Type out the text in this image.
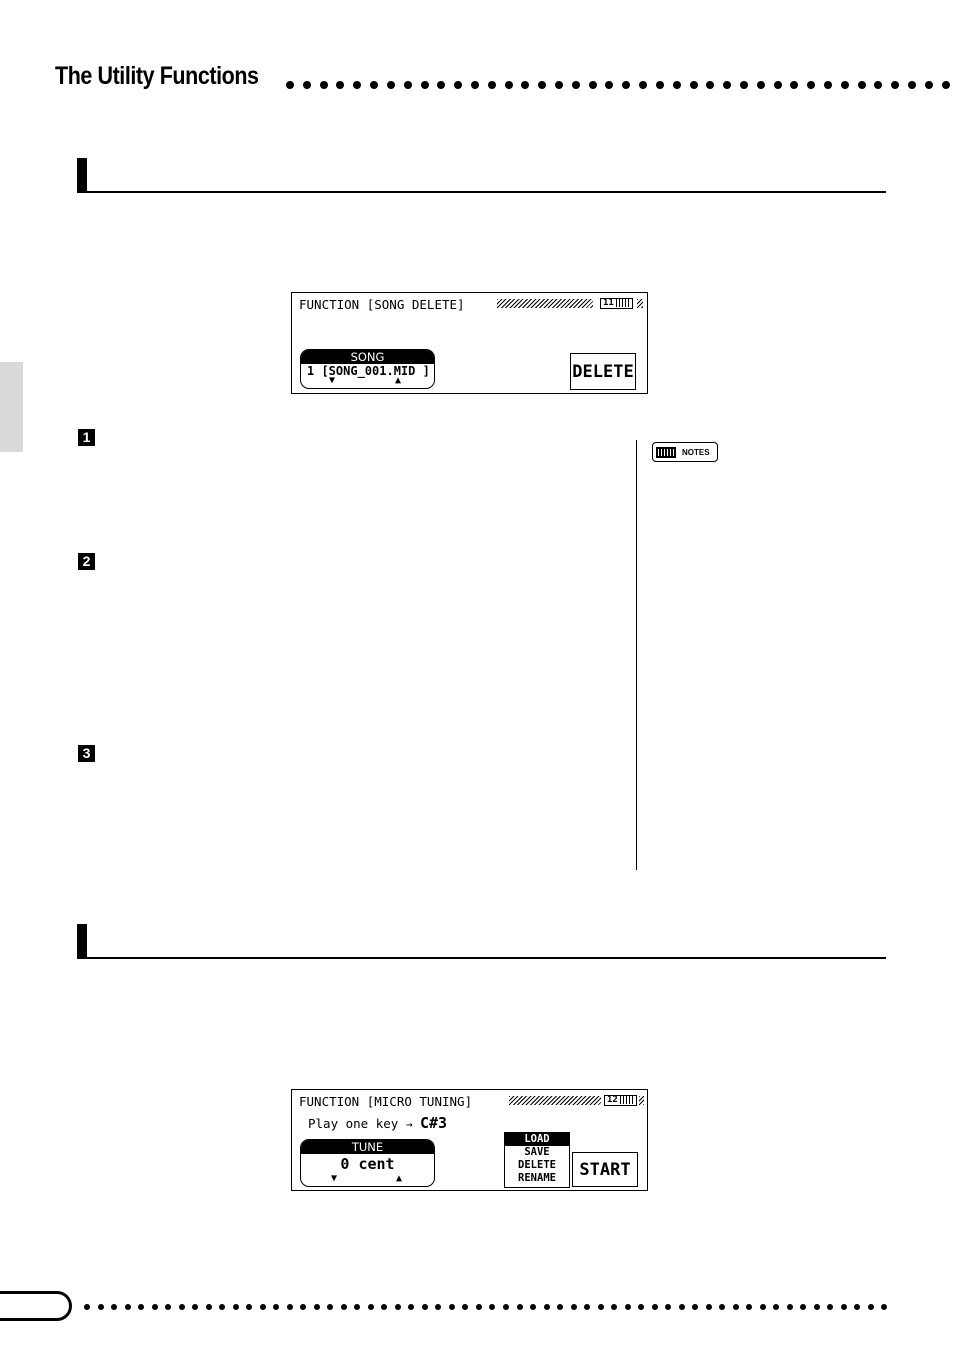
The Utility Functions
FUNCTION [SONG DELETE]	11
SONG
1 [SONG_001.MID ]
▼	▲	DELETE
1
2
3
NOTES
FUNCTION [MICRO TUNING]	12
Play one key → C#3
TUNE
0 cent
▼	▲
LOAD
SAVE
DELETE
RENAME	START
